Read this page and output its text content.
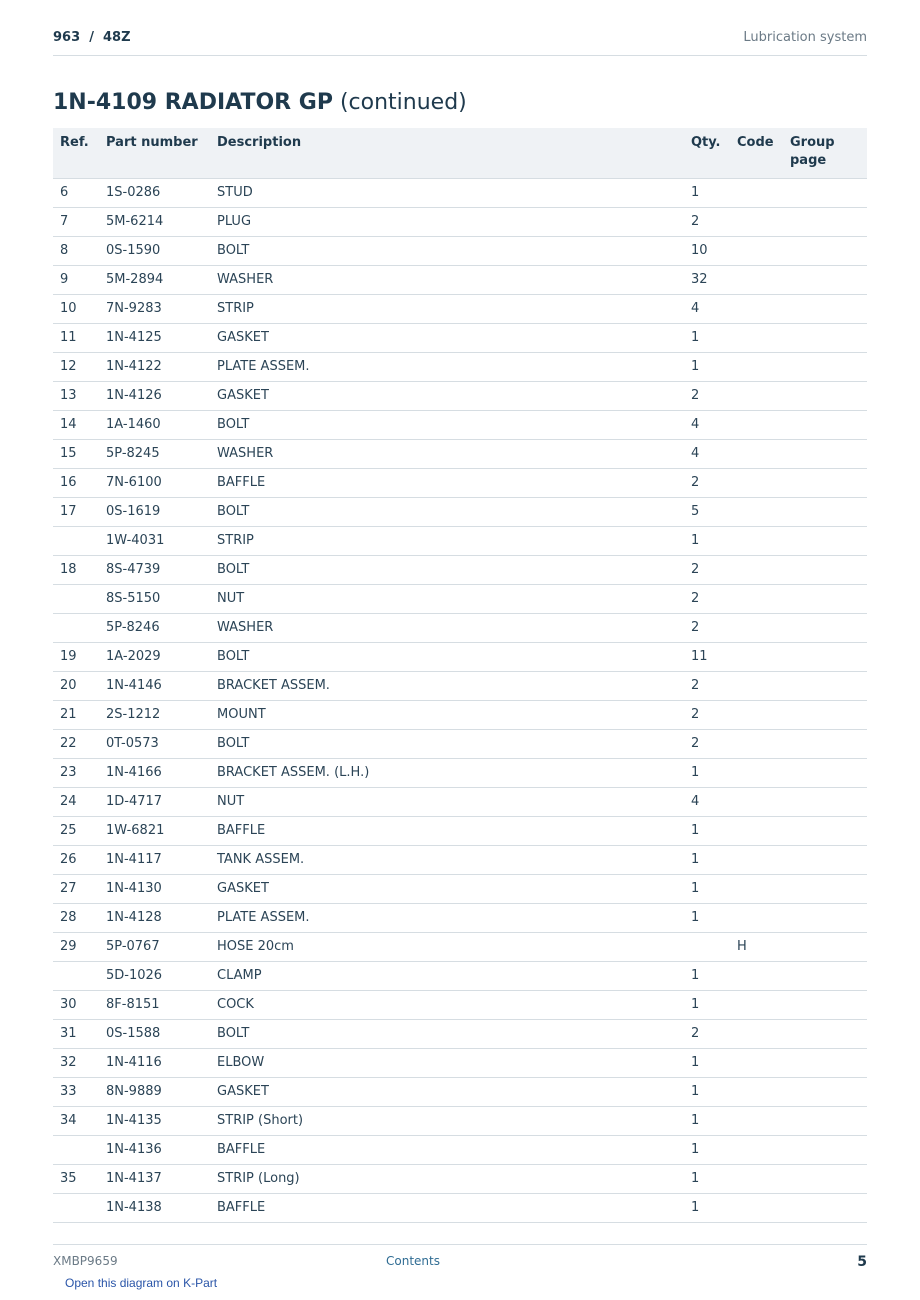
963  /  48Z	Lubrication system
1N-4109 RADIATOR GP (continued)
Ref.	Part number	Description	Qty.	Code	Group page
6	1S-0286	STUD	1		
7	5M-6214	PLUG	2		
8	0S-1590	BOLT	10		
9	5M-2894	WASHER	32		
10	7N-9283	STRIP	4		
11	1N-4125	GASKET	1		
12	1N-4122	PLATE ASSEM.	1		
13	1N-4126	GASKET	2		
14	1A-1460	BOLT	4		
15	5P-8245	WASHER	4		
16	7N-6100	BAFFLE	2		
17	0S-1619	BOLT	5		
	1W-4031	STRIP	1		
18	8S-4739	BOLT	2		
	8S-5150	NUT	2		
	5P-8246	WASHER	2		
19	1A-2029	BOLT	11		
20	1N-4146	BRACKET ASSEM.	2		
21	2S-1212	MOUNT	2		
22	0T-0573	BOLT	2		
23	1N-4166	BRACKET ASSEM. (L.H.)	1		
24	1D-4717	NUT	4		
25	1W-6821	BAFFLE	1		
26	1N-4117	TANK ASSEM.	1		
27	1N-4130	GASKET	1		
28	1N-4128	PLATE ASSEM.	1		
29	5P-0767	HOSE 20cm		H	
	5D-1026	CLAMP	1		
30	8F-8151	COCK	1		
31	0S-1588	BOLT	2		
32	1N-4116	ELBOW	1		
33	8N-9889	GASKET	1		
34	1N-4135	STRIP (Short)	1		
	1N-4136	BAFFLE	1		
35	1N-4137	STRIP (Long)	1		
	1N-4138	BAFFLE	1		
XMBP9659	Contents	5
Open this diagram on K-Part
